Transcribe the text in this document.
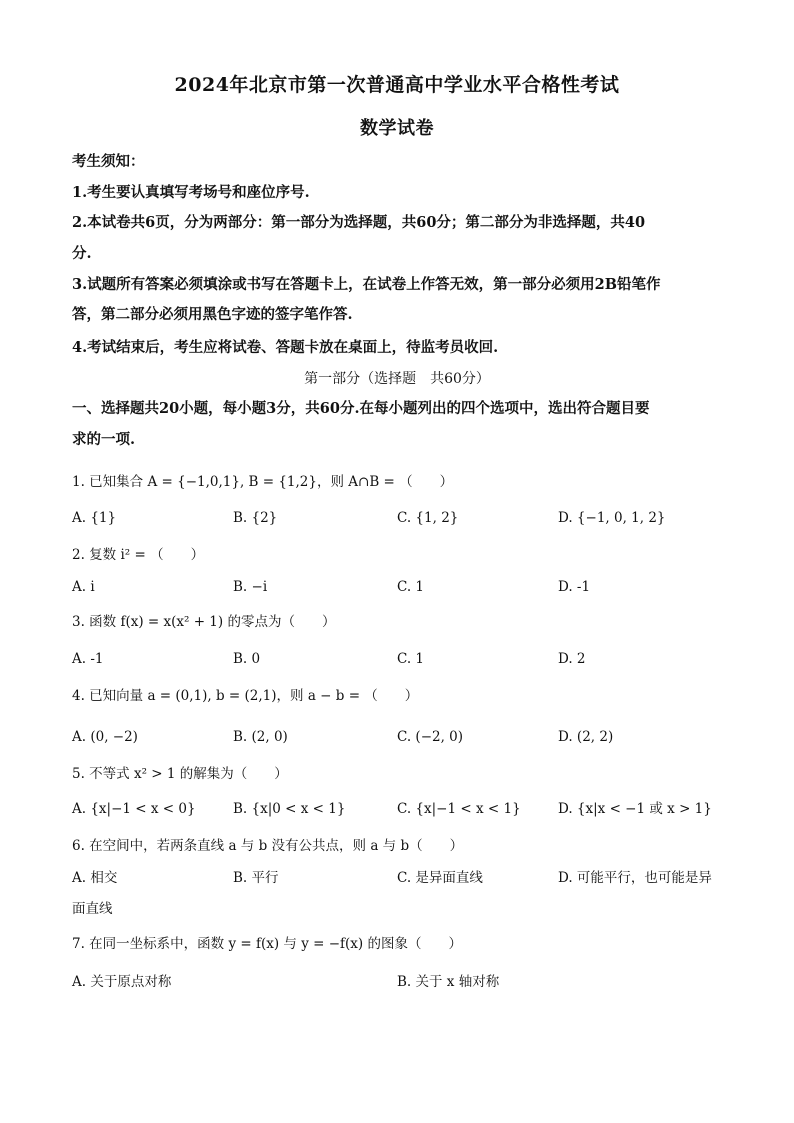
2024年北京市第一次普通高中学业水平合格性考试
数学试卷
考生须知：
1.考生要认真填写考场号和座位序号.
2.本试卷共6页，分为两部分：第一部分为选择题，共60分；第二部分为非选择题，共40
分.
3.试题所有答案必须填涂或书写在答题卡上，在试卷上作答无效，第一部分必须用2B铅笔作
答，第二部分必须用黑色字迹的签字笔作答.
4.考试结束后，考生应将试卷、答题卡放在桌面上，待监考员收回.
第一部分（选择题　共60分）
一、选择题共20小题，每小题3分，共60分.在每小题列出的四个选项中，选出符合题目要
求的一项.
1. 已知集合 A = {−1,0,1}, B = {1,2}，则 A∩B = （　　）
A. {1}	B. {2}	C. {1, 2}	D. {−1, 0, 1, 2}
2. 复数 i² = （　　）
A. i	B. −i	C. 1	D. -1
3. 函数 f(x) = x(x² + 1) 的零点为（　　）
A. -1	B. 0	C. 1	D. 2
4. 已知向量 a = (0,1), b = (2,1)，则 a − b = （　　）
A. (0, −2)	B. (2, 0)	C. (−2, 0)	D. (2, 2)
5. 不等式 x² > 1 的解集为（　　）
A. {x|−1 < x < 0}	B. {x|0 < x < 1}	C. {x|−1 < x < 1}	D. {x|x < −1 或 x > 1}
6. 在空间中，若两条直线 a 与 b 没有公共点，则 a 与 b（　　）
A. 相交	B. 平行	C. 是异面直线	D. 可能平行，也可能是异
面直线
7. 在同一坐标系中，函数 y = f(x) 与 y = −f(x) 的图象（　　）
A. 关于原点对称	B. 关于 x 轴对称
